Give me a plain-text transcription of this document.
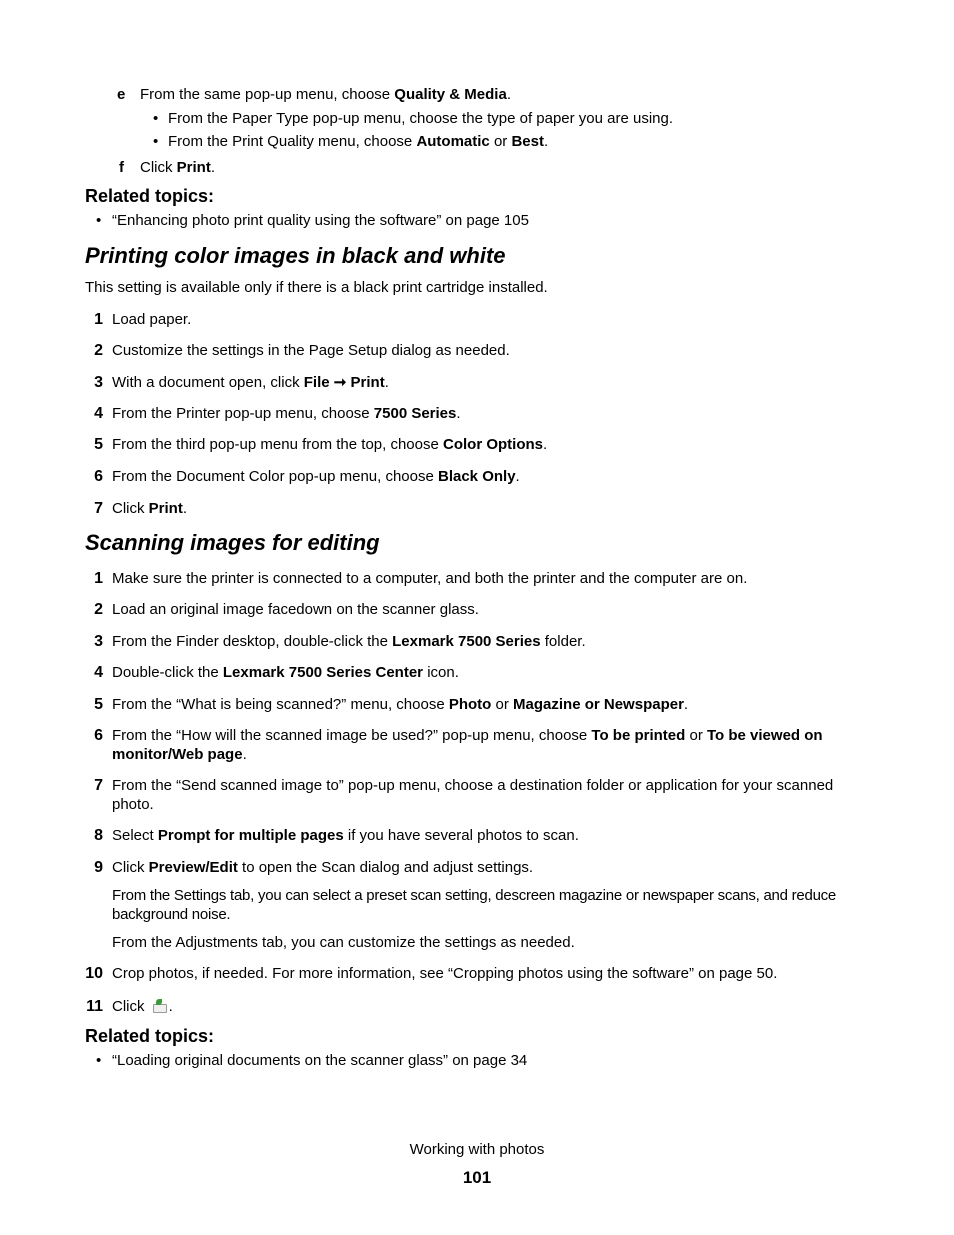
e From the same pop-up menu, choose Quality & Media.
• From the Paper Type pop-up menu, choose the type of paper you are using.
• From the Print Quality menu, choose Automatic or Best.
f Click Print.
Related topics:
• “Enhancing photo print quality using the software” on page 105
Printing color images in black and white
This setting is available only if there is a black print cartridge installed.
1 Load paper.
2 Customize the settings in the Page Setup dialog as needed.
3 With a document open, click File ➞ Print.
4 From the Printer pop-up menu, choose 7500 Series.
5 From the third pop-up menu from the top, choose Color Options.
6 From the Document Color pop-up menu, choose Black Only.
7 Click Print.
Scanning images for editing
1 Make sure the printer is connected to a computer, and both the printer and the computer are on.
2 Load an original image facedown on the scanner glass.
3 From the Finder desktop, double-click the Lexmark 7500 Series folder.
4 Double-click the Lexmark 7500 Series Center icon.
5 From the “What is being scanned?” menu, choose Photo or Magazine or Newspaper.
6 From the “How will the scanned image be used?” pop-up menu, choose To be printed or To be viewed on monitor/Web page.
7 From the “Send scanned image to” pop-up menu, choose a destination folder or application for your scanned photo.
8 Select Prompt for multiple pages if you have several photos to scan.
9 Click Preview/Edit to open the Scan dialog and adjust settings.
From the Settings tab, you can select a preset scan setting, descreen magazine or newspaper scans, and reduce background noise.
From the Adjustments tab, you can customize the settings as needed.
10 Crop photos, if needed. For more information, see “Cropping photos using the software” on page 50.
11 Click
.
Related topics:
• “Loading original documents on the scanner glass” on page 34
Working with photos
101
